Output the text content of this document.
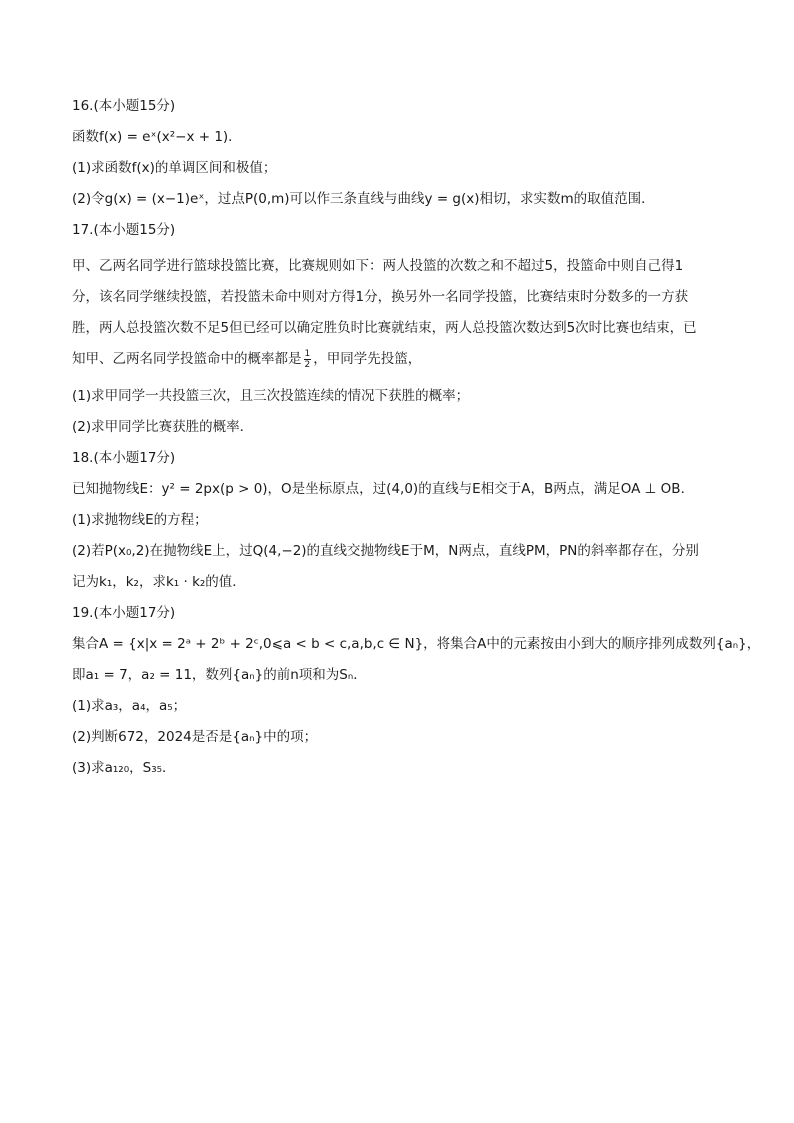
16.(本小题15分)
函数f(x) = eˣ(x²−x + 1)．
(1)求函数f(x)的单调区间和极值；
(2)令g(x) = (x−1)eˣ，过点P(0,m)可以作三条直线与曲线y = g(x)相切，求实数m的取值范围．
17.(本小题15分)
甲、乙两名同学进行篮球投篮比赛，比赛规则如下：两人投篮的次数之和不超过5，投篮命中则自己得1
分，该名同学继续投篮，若投篮未命中则对方得1分，换另外一名同学投篮，比赛结束时分数多的一方获
胜，两人总投篮次数不足5但已经可以确定胜负时比赛就结束，两人总投篮次数达到5次时比赛也结束，已
知甲、乙两名同学投篮命中的概率都是 $\frac{1}{2}$ ，甲同学先投篮，
(1)求甲同学一共投篮三次，且三次投篮连续的情况下获胜的概率；
(2)求甲同学比赛获胜的概率．
18.(本小题17分)
已知抛物线E：y² = 2px(p > 0)，O是坐标原点，过(4,0)的直线与E相交于A，B两点，满足OA ⊥ OB．
(1)求抛物线E的方程；
(2)若P(x₀,2)在抛物线E上，过Q(4,−2)的直线交抛物线E于M，N两点，直线PM，PN的斜率都存在，分别
记为k₁，k₂，求k₁ · k₂的值．
19.(本小题17分)
集合A = {x|x = 2ᵃ + 2ᵇ + 2ᶜ,0⩽a < b < c,a,b,c ∈ N}，将集合A中的元素按由小到大的顺序排列成数列{aₙ}，
即a₁ = 7，a₂ = 11，数列{aₙ}的前n项和为Sₙ．
(1)求a₃，a₄，a₅；
(2)判断672，2024是否是{aₙ}中的项；
(3)求a₁₂₀，S₃₅．
